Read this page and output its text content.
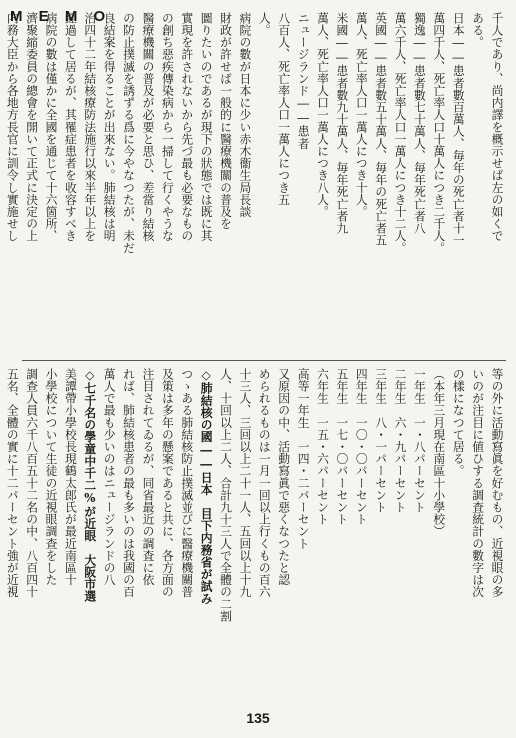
M E M O	千人であり、尚内譯を概示せば左の如くで
ある。
日本――患者數百萬人、毎年の死亡者十一
萬四千人、死亡率人口十萬人につき二千人。
獨逸――患者數七十萬人、毎年死亡者八
萬六千人、死亡率人口一萬人につき十二人。
英國――患者數五十萬人、毎年の死亡者五
萬人、死亡率人口一萬人につき十人。
米國――患者數九十萬人、毎年死亡者九
萬人、死亡率人口一萬人につき八人。
ニュージランド――患者
八百人、死亡率人口一萬人につき五
人。
病院の數が日本に少い赤木衞生局長談
財政が許せば一般的に醫療機關の普及を
圖りたいのであるが現下の狀態では既に其
實現を許されないから先づ最も必要なもの
の創ち惡疾傳染病から一掃して行くやうな
醫療機關の普及が必要と思ひ、差當り結核
の防止撲滅を誘ずる爲に今やなつたが、未だ
良結案を得ることが出來ない。肺結核は明
治四十二年結核療防法施行以來半年以上を
經過して居るが、其罹症患者を收容すべき
病院の數は僅かに全國を通じて十六箇所、
濟聚縮委員の總會を開いて正式に決定の上
内務大臣から各地方長官に訓令し實施せし
等の外に活動寫眞を好むもの、近視眼の多
いのが注目に値ひする調査統計の數字は次
の樣になつて居る。
（本年三月現在南區十小學校）
一年生　一・八パーセント
二年生　六・九パーセント
三年生　八・一パーセント
四年生　一〇・〇パーセント
五年生　一七・〇パーセント
六年生　一五・六パーセント
高等一年生　一四・二パーセント
又原因の中、活動寫眞で惡くなつたと認
められるものは一月一回以上行くもの百六
十三人、三回以上二十一人、五回以上十九
人、十回以上二人、合計九十三人で全體の二割
◇肺結核の國――日本　目下内務省が試み
つゝある肺結核防止撲滅並びに醫療機關普
及策は多年の懸案であると共に、各方面の
注目されてゐるが、同省最近の調査に依
れば、肺結核患者の最も多いのは我國の百
萬人で最も少いのはニュージランドの八
◇七千名の學童中千二%が近眼　大阪市選
美譚帶小學校長現鶴太郎氏が最近南區十
小學校について生徒の近視眼調查をした
調查人員六千八百五十二名の中、八百四十
五名、全體の實に十二パーセント強が近視
135
